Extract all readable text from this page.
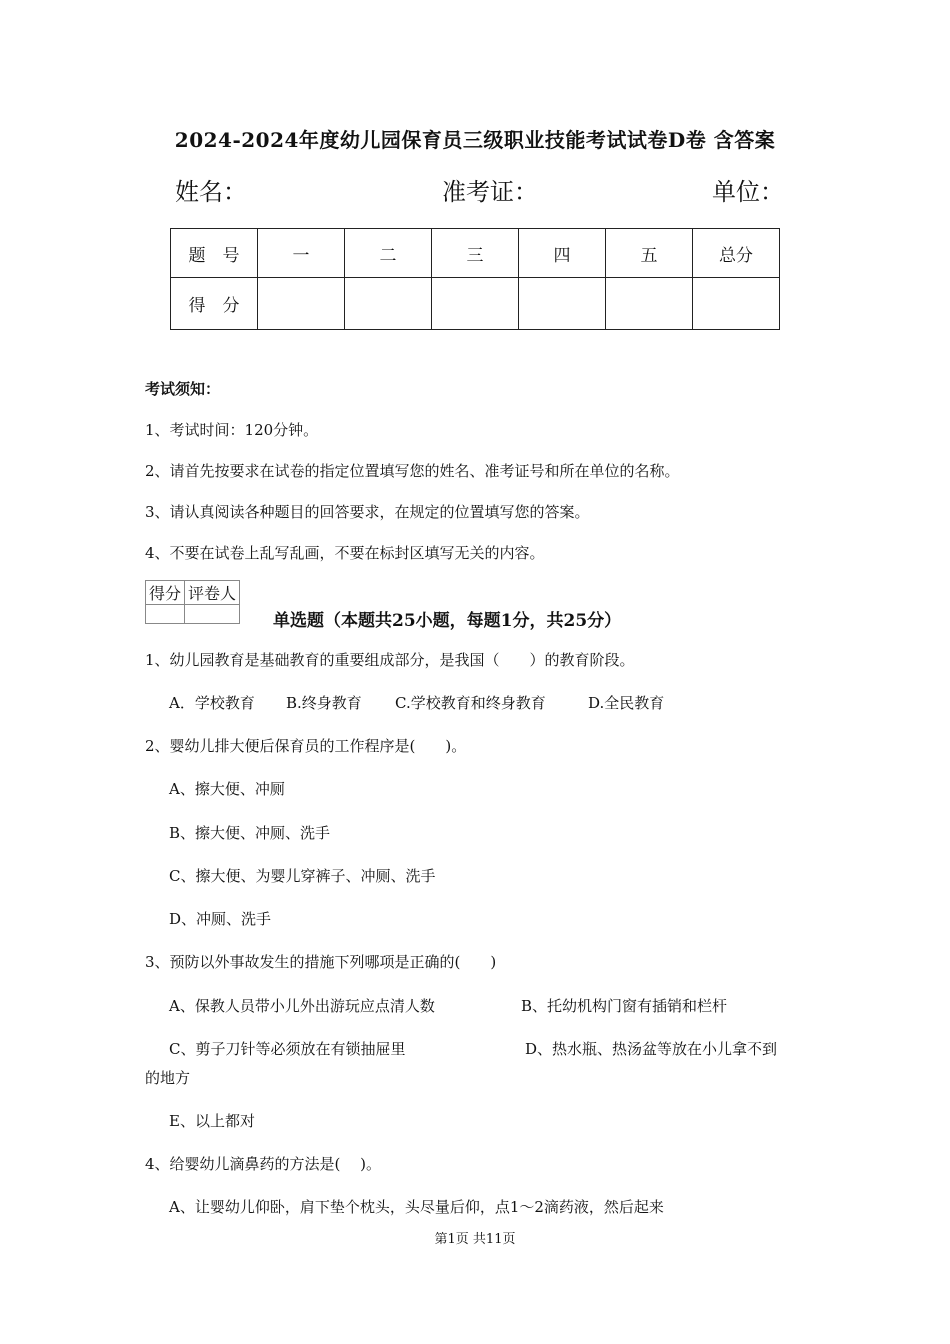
2024-2024年度幼儿园保育员三级职业技能考试试卷D卷 含答案
姓名：	准考证：	单位：
题　号	一	二	三	四	五	总分
得　分						
考试须知：
1、考试时间：120分钟。
2、请首先按要求在试卷的指定位置填写您的姓名、准考证号和所在单位的名称。
3、请认真阅读各种题目的回答要求，在规定的位置填写您的答案。
4、不要在试卷上乱写乱画，不要在标封区填写无关的内容。
得分	评卷人

单选题（本题共25小题，每题1分，共25分）
1、幼儿园教育是基础教育的重要组成部分，是我国（　　）的教育阶段。
A．学校教育 B.终身教育 C.学校教育和终身教育	D.全民教育
2、婴幼儿排大便后保育员的工作程序是(　　)。
A、擦大便、冲厕
B、擦大便、冲厕、洗手
C、擦大便、为婴儿穿裤子、冲厕、洗手
D、冲厕、洗手
3、预防以外事故发生的措施下列哪项是正确的(　　)
A、保教人员带小儿外出游玩应点清人数	B、托幼机构门窗有插销和栏杆
C、剪子刀针等必须放在有锁抽屉里	D、热水瓶、热汤盆等放在小儿拿不到
的地方
E、以上都对
4、给婴幼儿滴鼻药的方法是(　 )。
A、让婴幼儿仰卧，肩下垫个枕头，头尽量后仰，点1～2滴药液，然后起来
第1页 共11页
